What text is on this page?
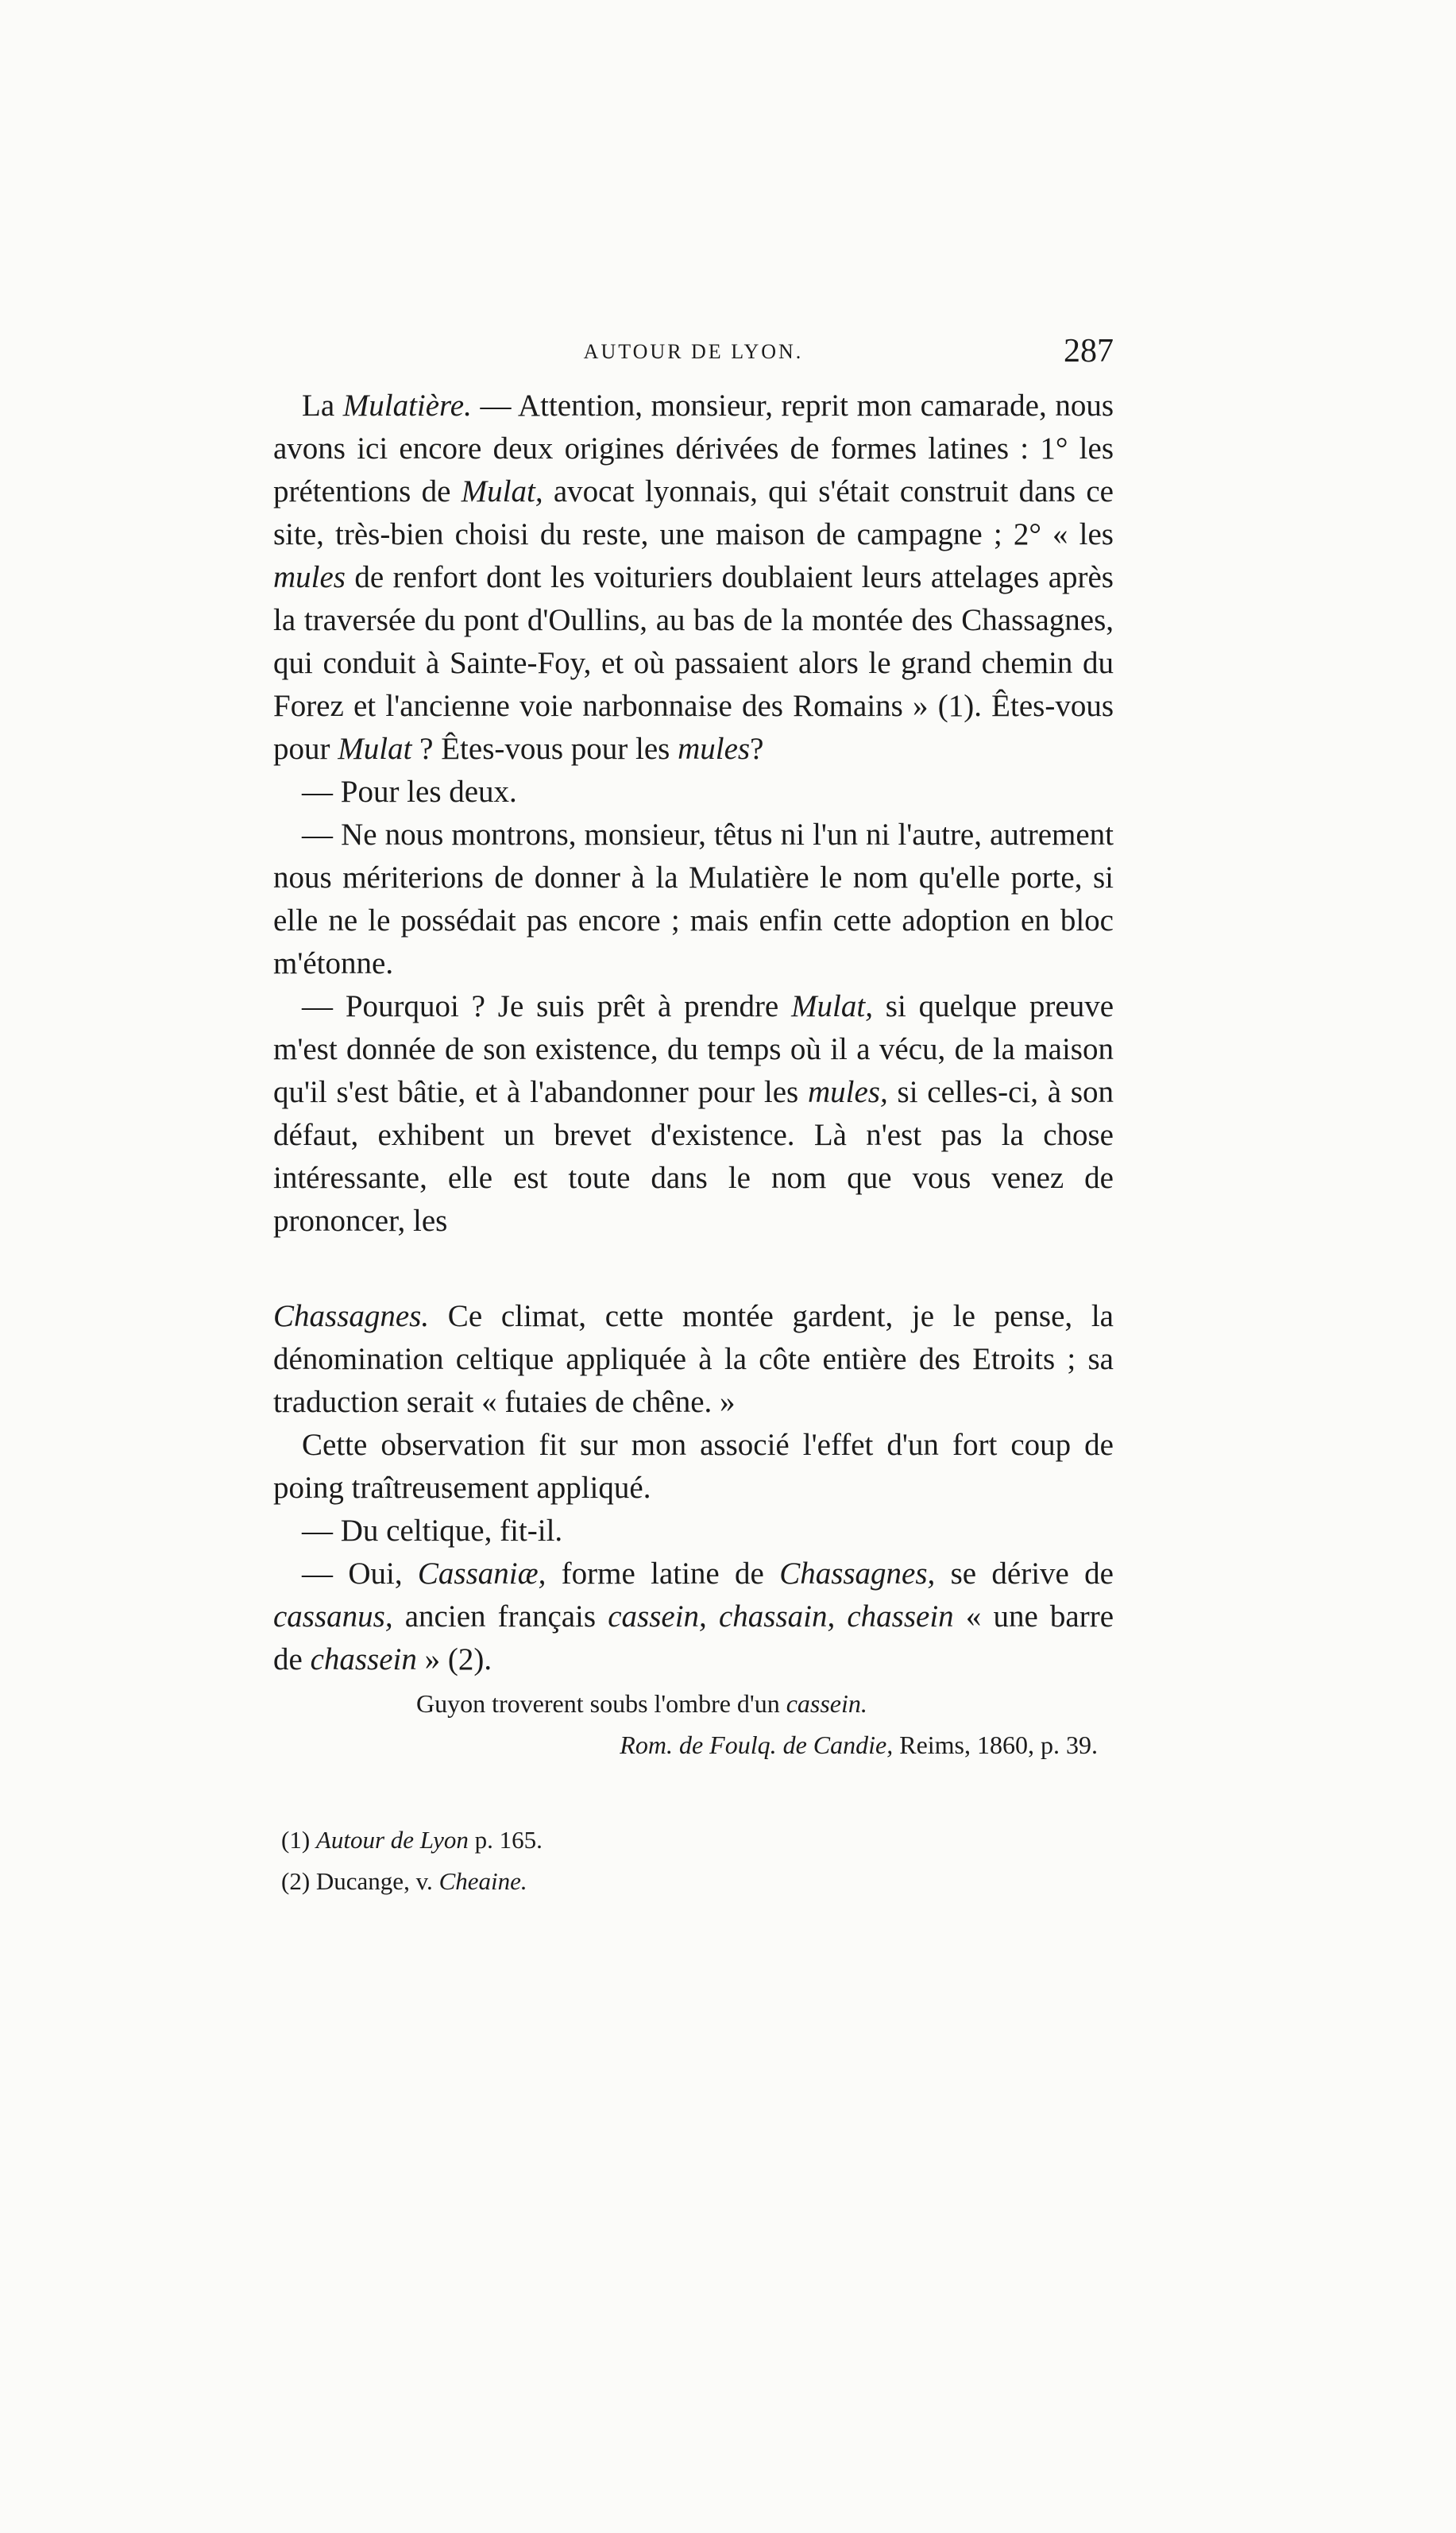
AUTOUR DE LYON.	287

La Mulatière. — Attention, monsieur, reprit mon camarade, nous avons ici encore deux origines dérivées de formes latines : 1° les prétentions de Mulat, avocat lyonnais, qui s'était construit dans ce site, très-bien choisi du reste, une maison de campagne ; 2° « les mules de renfort dont les voituriers doublaient leurs attelages après la traversée du pont d'Oullins, au bas de la montée des Chassagnes, qui conduit à Sainte-Foy, et où passaient alors le grand chemin du Forez et l'ancienne voie narbonnaise des Romains » (1). Êtes-vous pour Mulat ? Êtes-vous pour les mules?

— Pour les deux.

— Ne nous montrons, monsieur, têtus ni l'un ni l'autre, autrement nous mériterions de donner à la Mulatière le nom qu'elle porte, si elle ne le possédait pas encore ; mais enfin cette adoption en bloc m'étonne.

— Pourquoi ? Je suis prêt à prendre Mulat, si quelque preuve m'est donnée de son existence, du temps où il a vécu, de la maison qu'il s'est bâtie, et à l'abandonner pour les mules, si celles-ci, à son défaut, exhibent un brevet d'existence. Là n'est pas la chose intéressante, elle est toute dans le nom que vous venez de prononcer, les

Chassagnes. Ce climat, cette montée gardent, je le pense, la dénomination celtique appliquée à la côte entière des Etroits ; sa traduction serait « futaies de chêne. »

Cette observation fit sur mon associé l'effet d'un fort coup de poing traîtreusement appliqué.

— Du celtique, fit-il.

— Oui, Cassaniæ, forme latine de Chassagnes, se dérive de cassanus, ancien français cassein, chassain, chassein « une barre de chassein » (2).

Guyon troverent soubs l'ombre d'un cassein.
Rom. de Foulq. de Candie, Reims, 1860, p. 39.

(1) Autour de Lyon p. 165.

(2) Ducange, v. Cheaine.
